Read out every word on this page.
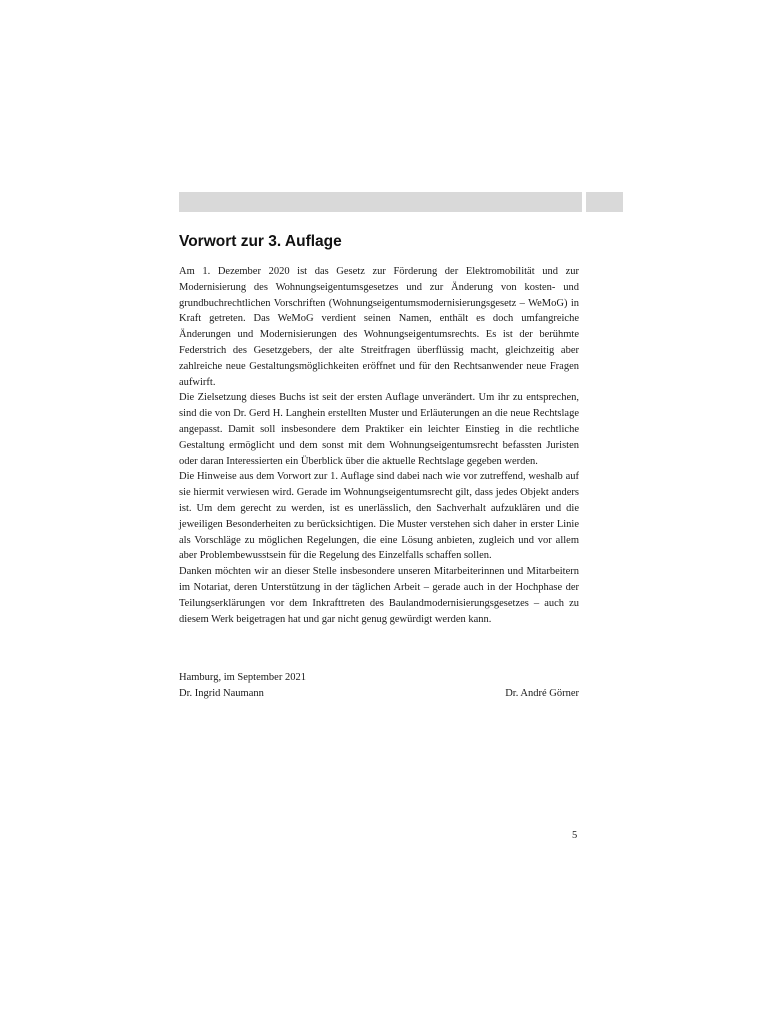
Vorwort zur 3. Auflage

Am 1. Dezember 2020 ist das Gesetz zur Förderung der Elektromobilität und zur Modernisierung des Wohnungseigentumsgesetzes und zur Änderung von kosten- und grundbuchrechtlichen Vorschriften (Wohnungseigentumsmodernisierungsgesetz – WeMoG) in Kraft getreten. Das WeMoG verdient seinen Namen, enthält es doch umfangreiche Änderungen und Modernisierungen des Wohnungseigentumsrechts. Es ist der berühmte Federstrich des Gesetzgebers, der alte Streitfragen überflüssig macht, gleichzeitig aber zahlreiche neue Gestaltungsmöglichkeiten eröffnet und für den Rechtsanwender neue Fragen aufwirft.

Die Zielsetzung dieses Buchs ist seit der ersten Auflage unverändert. Um ihr zu entsprechen, sind die von Dr. Gerd H. Langhein erstellten Muster und Erläuterungen an die neue Rechtslage angepasst. Damit soll insbesondere dem Praktiker ein leichter Einstieg in die rechtliche Gestaltung ermöglicht und dem sonst mit dem Wohnungseigentumsrecht befassten Juristen oder daran Interessierten ein Überblick über die aktuelle Rechtslage gegeben werden.

Die Hinweise aus dem Vorwort zur 1. Auflage sind dabei nach wie vor zutreffend, weshalb auf sie hiermit verwiesen wird. Gerade im Wohnungseigentumsrecht gilt, dass jedes Objekt anders ist. Um dem gerecht zu werden, ist es unerlässlich, den Sachverhalt aufzuklären und die jeweiligen Besonderheiten zu berücksichtigen. Die Muster verstehen sich daher in erster Linie als Vorschläge zu möglichen Regelungen, die eine Lösung anbieten, zugleich und vor allem aber Problembewusstsein für die Regelung des Einzelfalls schaffen sollen.

Danken möchten wir an dieser Stelle insbesondere unseren Mitarbeiterinnen und Mitarbeitern im Notariat, deren Unterstützung in der täglichen Arbeit – gerade auch in der Hochphase der Teilungserklärungen vor dem Inkrafttreten des Baulandmodernisierungsgesetzes – auch zu diesem Werk beigetragen hat und gar nicht genug gewürdigt werden kann.

Hamburg, im September 2021
Dr. Ingrid Naumann	Dr. André Görner
5
